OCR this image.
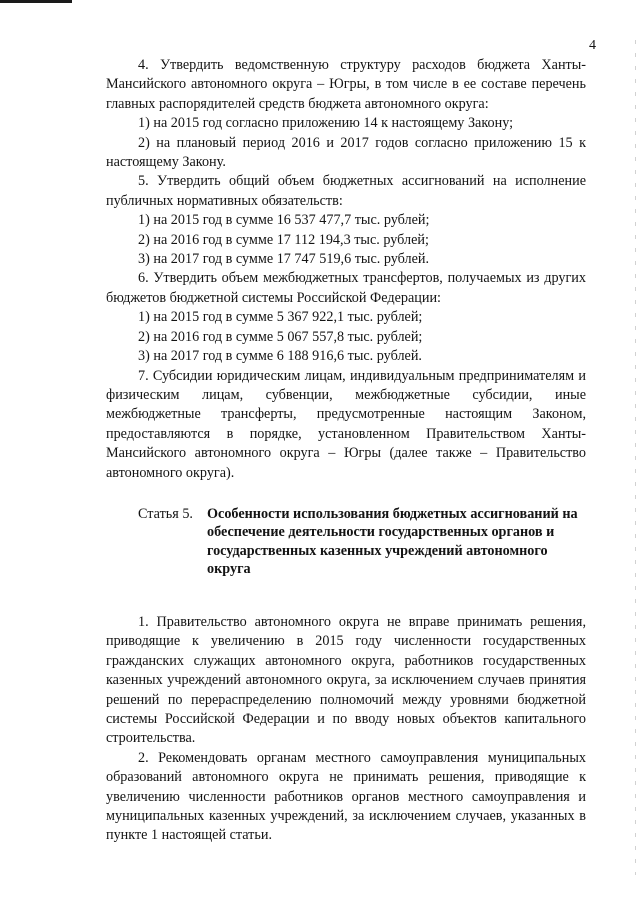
4

4. Утвердить ведомственную структуру расходов бюджета Ханты-Мансийского автономного округа – Югры, в том числе в ее составе перечень главных распорядителей средств бюджета автономного округа:

1) на 2015 год согласно приложению 14 к настоящему Закону;

2) на плановый период 2016 и 2017 годов согласно приложению 15 к настоящему Закону.

5. Утвердить общий объем бюджетных ассигнований на исполнение публичных нормативных обязательств:

1) на 2015 год в сумме 16 537 477,7 тыс. рублей;

2) на 2016 год в сумме 17 112 194,3 тыс. рублей;

3) на 2017 год в сумме 17 747 519,6 тыс. рублей.

6. Утвердить объем межбюджетных трансфертов, получаемых из других бюджетов бюджетной системы Российской Федерации:

1) на 2015 год в сумме 5 367 922,1 тыс. рублей;

2) на 2016 год в сумме 5 067 557,8 тыс. рублей;

3) на 2017 год в сумме 6 188 916,6 тыс. рублей.

7. Субсидии юридическим лицам, индивидуальным предпринимателям и физическим лицам, субвенции, межбюджетные субсидии, иные межбюджетные трансферты, предусмотренные настоящим Законом, предоставляются в порядке, установленном Правительством Ханты-Мансийского автономного округа – Югры (далее также – Правительство автономного округа).

Статья 5. Особенности использования бюджетных ассигнований на обеспечение деятельности государственных органов и государственных казенных учреждений автономного округа

1. Правительство автономного округа не вправе принимать решения, приводящие к увеличению в 2015 году численности государственных гражданских служащих автономного округа, работников государственных казенных учреждений автономного округа, за исключением случаев принятия решений по перераспределению полномочий между уровнями бюджетной системы Российской Федерации и по вводу новых объектов капитального строительства.

2. Рекомендовать органам местного самоуправления муниципальных образований автономного округа не принимать решения, приводящие к увеличению численности работников органов местного самоуправления и муниципальных казенных учреждений, за исключением случаев, указанных в пункте 1 настоящей статьи.
